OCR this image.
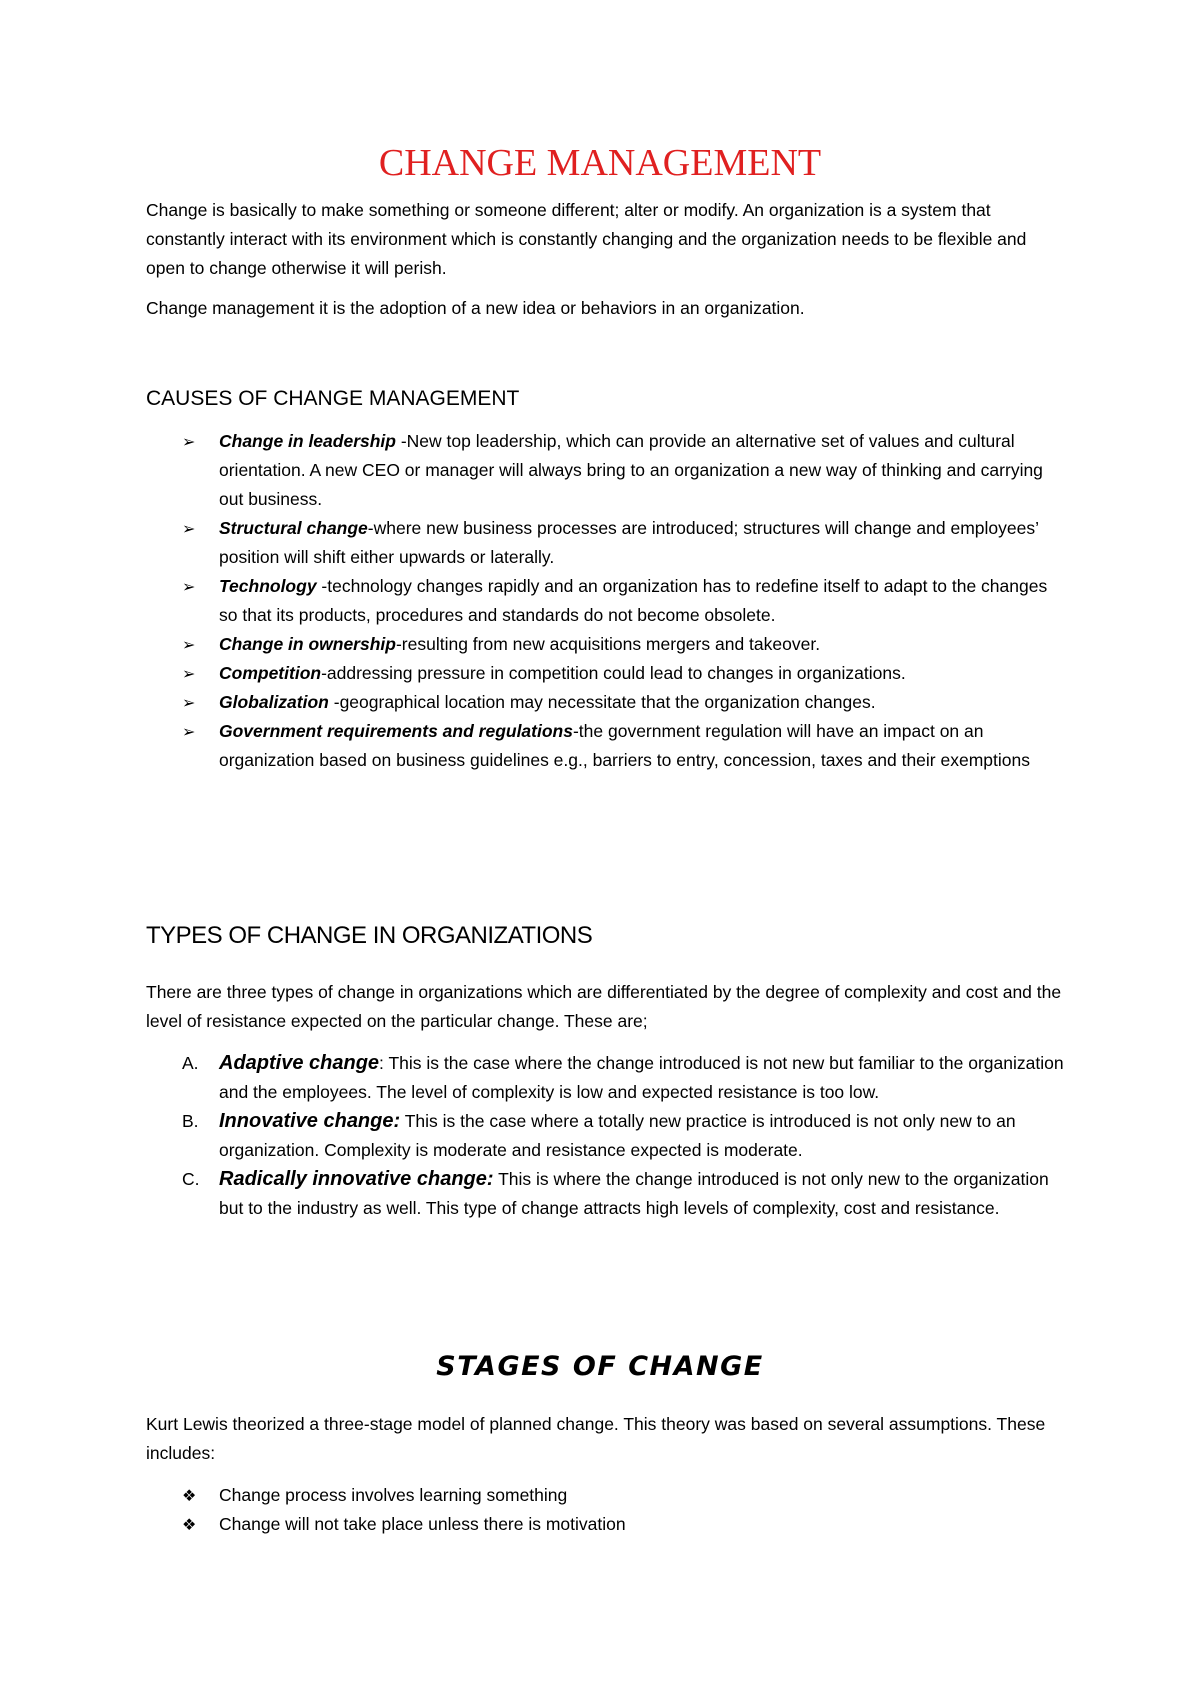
CHANGE MANAGEMENT

Change is basically to make something or someone different; alter or modify. An organization is a system that constantly interact with its environment which is constantly changing and the organization needs to be flexible and open to change otherwise it will perish.

Change management it is the adoption of a new idea or behaviors in an organization.

CAUSES OF CHANGE MANAGEMENT
➢ Change in leadership -New top leadership, which can provide an alternative set of values and cultural orientation. A new CEO or manager will always bring to an organization a new way of thinking and carrying out business.
➢ Structural change-where new business processes are introduced; structures will change and employees’ position will shift either upwards or laterally.
➢ Technology -technology changes rapidly and an organization has to redefine itself to adapt to the changes so that its products, procedures and standards do not become obsolete.
➢ Change in ownership-resulting from new acquisitions mergers and takeover.
➢ Competition-addressing pressure in competition could lead to changes in organizations.
➢ Globalization -geographical location may necessitate that the organization changes.
➢ Government requirements and regulations-the government regulation will have an impact on an organization based on business guidelines e.g., barriers to entry, concession, taxes and their exemptions
TYPES OF CHANGE IN ORGANIZATIONS

There are three types of change in organizations which are differentiated by the degree of complexity and cost and the level of resistance expected on the particular change. These are;

A. Adaptive change: This is the case where the change introduced is not new but familiar to the organization and the employees. The level of complexity is low and expected resistance is too low.
B. Innovative change: This is the case where a totally new practice is introduced is not only new to an organization. Complexity is moderate and resistance expected is moderate.
C. Radically innovative change: This is where the change introduced is not only new to the organization but to the industry as well. This type of change attracts high levels of complexity, cost and resistance.
STAGES OF CHANGE

Kurt Lewis theorized a three-stage model of planned change. This theory was based on several assumptions. These includes:

❖ Change process involves learning something
❖ Change will not take place unless there is motivation
